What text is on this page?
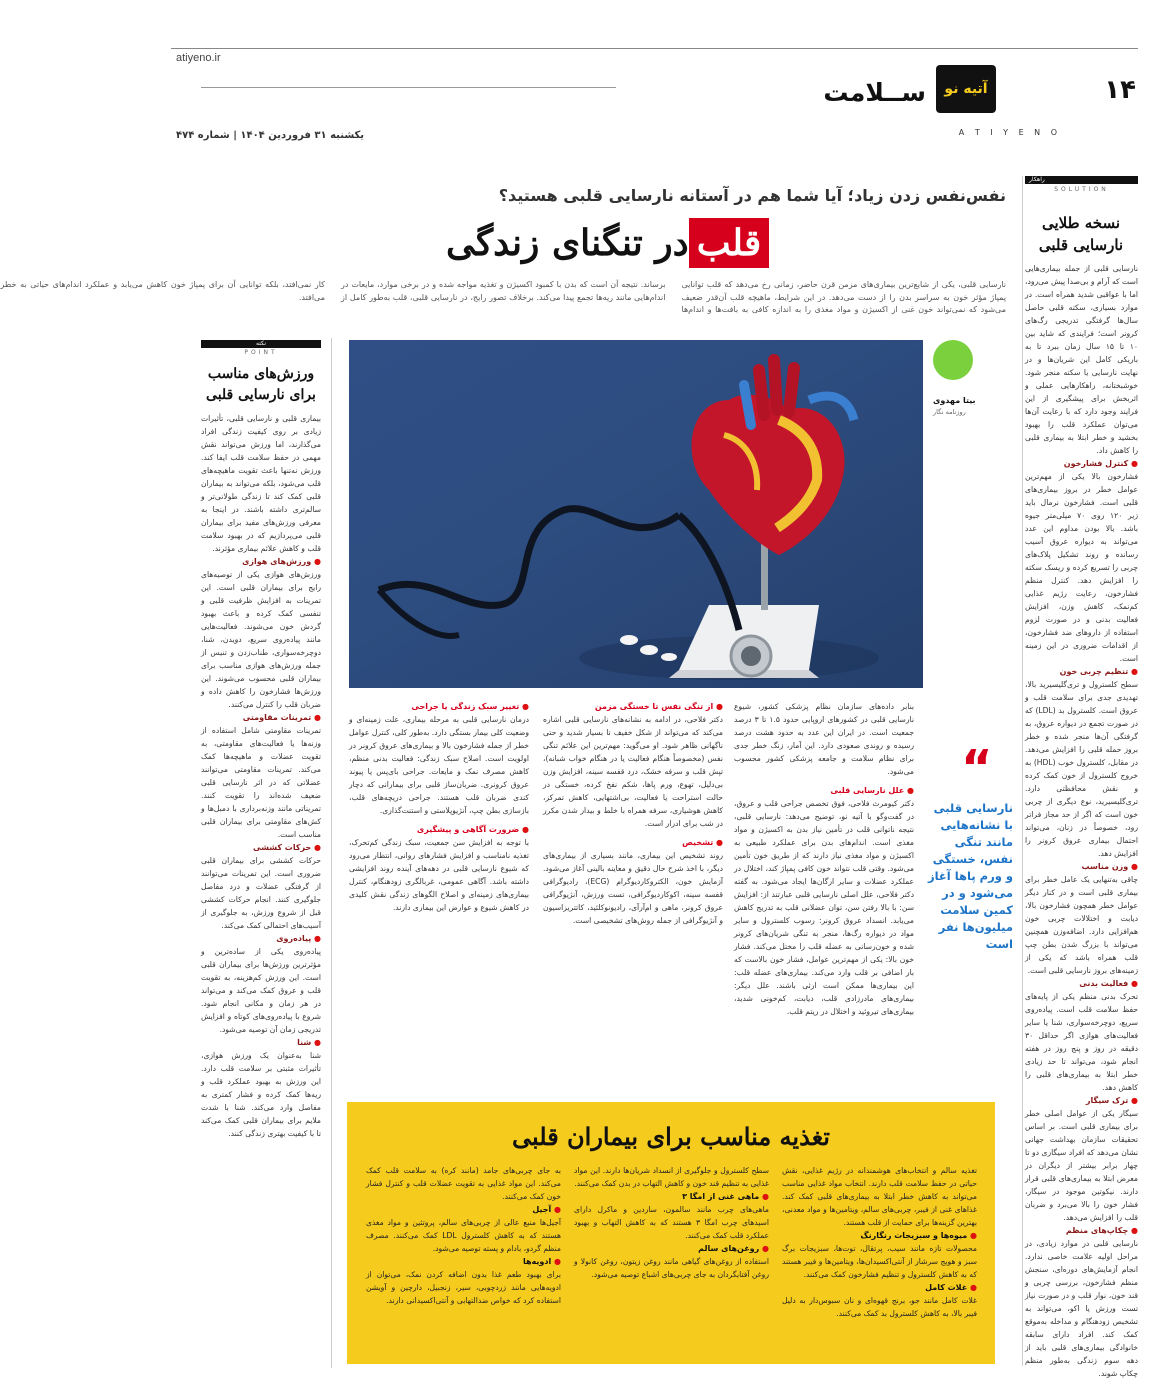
atiyeno.ir
۱۴
آتیه نو
ســلامت
A T I Y E N O
یکشنبه ۳۱ فروردین ۱۴۰۴ | شماره ۴۷۴
راهکار
SOLUTION
نسخه طلایی نارسایی قلبی
نارسایی قلبی از جمله بیماری‌هایی است که آرام و بی‌صدا پیش می‌رود، اما با عواقبی شدید همراه است. در موارد بسیاری، سکته قلبی حاصل سال‌ها گرفتگی تدریجی رگ‌های کرونر است؛ فرایندی که شاید بین ۱۰ تا ۱۵ سال زمان ببرد تا به باریکی کامل این شریان‌ها و در نهایت نارسایی یا سکته منجر شود. خوشبختانه، راهکارهایی عملی و اثربخش برای پیشگیری از این فرایند وجود دارد که با رعایت آن‌ها می‌توان عملکرد قلب را بهبود بخشید و خطر ابتلا به بیماری قلبی را کاهش داد.
● کنترل فشارخون
فشارخون بالا یکی از مهم‌ترین عوامل خطر در بروز بیماری‌های قلبی است. فشارخون نرمال باید زیر ۱۲۰ روی ۷۰ میلی‌متر جیوه باشد. بالا بودن مداوم این عدد می‌تواند به دیواره عروق آسیب رسانده و روند تشکیل پلاک‌های چربی را تسریع کرده و ریسک سکته را افزایش دهد. کنترل منظم فشارخون، رعایت رژیم غذایی کم‌نمک، کاهش وزن، افزایش فعالیت بدنی و در صورت لزوم استفاده از داروهای ضد فشارخون، از اقدامات ضروری در این زمینه است.
● تنظیم چربی خون
سطح کلسترول و تری‌گلیسیرید بالا، تهدیدی جدی برای سلامت قلب و عروق است. کلسترول بد (LDL) که در صورت تجمع در دیواره عروق، به گرفتگی آن‌ها منجر شده و خطر بروز حمله قلبی را افزایش می‌دهد. در مقابل، کلسترول خوب (HDL) به خروج کلسترول از خون کمک کرده و نقش محافظتی دارد. تری‌گلیسیرید، نوع دیگری از چربی خون است که اگر از حد مجاز فراتر رود، خصوصاً در زنان، می‌تواند احتمال بیماری عروق کرونر را افزایش دهد.
● وزن مناسب
چاقی به‌تنهایی یک عامل خطر برای بیماری قلبی است و در کنار دیگر عوامل خطر همچون فشارخون بالا، دیابت و اختلالات چربی خون هم‌افزایی دارد. اضافه‌وزن همچنین می‌تواند با بزرگ شدن بطن چپ قلب همراه باشد که یکی از زمینه‌های بروز نارسایی قلبی است.
● فعالیت بدنی
تحرک بدنی منظم یکی از پایه‌های حفظ سلامت قلب است. پیاده‌روی سریع، دوچرخه‌سواری، شنا یا سایر فعالیت‌های هوازی اگر حداقل ۳۰ دقیقه در روز و پنج روز در هفته انجام شود، می‌تواند تا حد زیادی خطر ابتلا به بیماری‌های قلبی را کاهش دهد.
● ترک سیگار
سیگار یکی از عوامل اصلی خطر برای بیماری قلبی است. بر اساس تحقیقات سازمان بهداشت جهانی نشان می‌دهد که افراد سیگاری دو تا چهار برابر بیشتر از دیگران در معرض ابتلا به بیماری‌های قلبی قرار دارند. نیکوتین موجود در سیگار، فشار خون را بالا می‌برد و ضربان قلب را افزایش می‌دهد.
● چکاپ‌های منظم
نارسایی قلبی در موارد زیادی، در مراحل اولیه علامت خاصی ندارد. انجام آزمایش‌های دوره‌ای، سنجش منظم فشارخون، بررسی چربی و قند خون، نوار قلب و در صورت نیاز تست ورزش یا اکو، می‌تواند به تشخیص زودهنگام و مداخله به‌موقع کمک کند. افراد دارای سابقه خانوادگی بیماری‌های قلبی باید از دهه سوم زندگی به‌طور منظم چکاپ شوند.
نکته
POINT
ورزش‌های مناسب برای نارسایی قلبی
بیماری قلبی و نارسایی قلبی، تأثیرات زیادی بر روی کیفیت زندگی افراد می‌گذارند، اما ورزش می‌تواند نقش مهمی در حفظ سلامت قلب ایفا کند. ورزش نه‌تنها باعث تقویت ماهیچه‌های قلب می‌شود، بلکه می‌تواند به بیماران قلبی کمک کند تا زندگی طولانی‌تر و سالم‌تری داشته باشند. در اینجا به معرفی ورزش‌های مفید برای بیماران قلبی می‌پردازیم که در بهبود سلامت قلب و کاهش علائم بیماری مؤثرند.
● ورزش‌های هوازی
ورزش‌های هوازی یکی از توصیه‌های رایج برای بیماران قلبی است. این تمرینات به افزایش ظرفیت قلبی و تنفسی کمک کرده و باعث بهبود گردش خون می‌شوند. فعالیت‌هایی مانند پیاده‌روی سریع، دویدن، شنا، دوچرخه‌سواری، طناب‌زدن و تنیس از جمله ورزش‌های هوازی مناسب برای بیماران قلبی محسوب می‌شوند. این ورزش‌ها فشارخون را کاهش داده و ضربان قلب را کنترل می‌کنند.
● تمرینات مقاومتی
تمرینات مقاومتی شامل استفاده از وزنه‌ها یا فعالیت‌های مقاومتی، به تقویت عضلات و ماهیچه‌ها کمک می‌کند. تمرینات مقاومتی می‌توانند عضلاتی که در اثر نارسایی قلبی ضعیف شده‌اند را تقویت کنند. تمریناتی مانند وزنه‌برداری با دمبل‌ها و کش‌های مقاومتی برای بیماران قلبی مناسب است.
● حرکات کششی
حرکات کششی برای بیماران قلبی ضروری است. این تمرینات می‌توانند از گرفتگی عضلات و درد مفاصل جلوگیری کنند. انجام حرکات کششی قبل از شروع ورزش، به جلوگیری از آسیب‌های احتمالی کمک می‌کند.
● پیاده‌روی
پیاده‌روی یکی از ساده‌ترین و مؤثرترین ورزش‌ها برای بیماران قلبی است. این ورزش کم‌هزینه، به تقویت قلب و عروق کمک می‌کند و می‌تواند در هر زمان و مکانی انجام شود. شروع با پیاده‌روی‌های کوتاه و افزایش تدریجی زمان آن توصیه می‌شود.
● شنا
شنا به‌عنوان یک ورزش هوازی، تأثیرات مثبتی بر سلامت قلب دارد. این ورزش به بهبود عملکرد قلب و ریه‌ها کمک کرده و فشار کمتری به مفاصل وارد می‌کند. شنا با شدت ملایم برای بیماران قلبی کمک می‌کند تا با کیفیت بهتری زندگی کنند.
نفس‌نفس زدن زیاد؛ آیا شما هم در آستانه نارسایی قلبی هستید؟
قلب
در تنگنای زندگی
نارسایی قلبی، یکی از شایع‌ترین بیماری‌های مزمن قرن حاضر، زمانی رخ می‌دهد که قلب توانایی پمپاژ مؤثر خون به سراسر بدن را از دست می‌دهد. در این شرایط، ماهیچه قلب آن‌قدر ضعیف می‌شود که نمی‌تواند خون غنی از اکسیژن و مواد مغذی را به اندازه کافی به بافت‌ها و اندام‌ها برساند. نتیجه آن است که بدن با کمبود اکسیژن و تغذیه مواجه شده و در برخی موارد، مایعات در اندام‌هایی مانند ریه‌ها تجمع پیدا می‌کند. برخلاف تصور رایج، در نارسایی قلبی، قلب به‌طور کامل از کار نمی‌افتد، بلکه توانایی آن برای پمپاژ خون کاهش می‌یابد و عملکرد اندام‌های حیاتی به خطر می‌افتد.
بیتا مهدوی
روزنامه نگار
“
نارسایی قلبی با نشانه‌هایی مانند تنگی نفس، خستگی و ورم پاها آغاز می‌شود و در کمین سلامت میلیون‌ها نفر است
بنابر داده‌های سازمان نظام پزشکی کشور، شیوع نارسایی قلبی در کشورهای اروپایی حدود ۱.۵ تا ۳ درصد جمعیت است. در ایران این عدد به حدود هشت درصد رسیده و روندی صعودی دارد. این آمار، زنگ خطر جدی برای نظام سلامت و جامعه پزشکی کشور محسوب می‌شود.
● علل نارسایی قلبی
دکتر کیومرث فلاحی، فوق تخصص جراحی قلب و عروق، در گفت‌وگو با آتیه نو، توضیح می‌دهد: نارسایی قلبی، نتیجه ناتوانی قلب در تأمین نیاز بدن به اکسیژن و مواد مغذی است. اندام‌های بدن برای عملکرد طبیعی به اکسیژن و مواد مغذی نیاز دارند که از طریق خون تأمین می‌شود. وقتی قلب نتواند خون کافی پمپاژ کند، اختلال در عملکرد عضلات و سایر ارگان‌ها ایجاد می‌شود. به گفته دکتر فلاحی، علل اصلی نارسایی قلبی عبارتند از: افزایش سن: با بالا رفتن سن، توان عضلانی قلب به تدریج کاهش می‌یابد. انسداد عروق کرونر: رسوب کلسترول و سایر مواد در دیواره رگ‌ها، منجر به تنگی شریان‌های کرونر شده و خون‌رسانی به عضله قلب را مختل می‌کند. فشار خون بالا: یکی از مهم‌ترین عوامل، فشار خون بالاست که بار اضافی بر قلب وارد می‌کند. بیماری‌های عضله قلب: این بیماری‌ها ممکن است ارثی باشند. علل دیگر: بیماری‌های مادرزادی قلب، دیابت، کم‌خونی شدید، بیماری‌های تیروئید و اختلال در ریتم قلب.
● از تنگی نفس تا خستگی مزمن
دکتر فلاحی، در ادامه به نشانه‌های نارسایی قلبی اشاره می‌کند که می‌تواند از شکل خفیف تا بسیار شدید و حتی ناگهانی ظاهر شود. او می‌گوید: مهم‌ترین این علائم تنگی نفس (مخصوصاً هنگام فعالیت یا در هنگام خواب شبانه)، تپش قلب و سرفه خشک، درد قفسه سینه، افزایش وزن بی‌دلیل، تهوع، ورم پاها، شکم نفخ کرده، خستگی در حالت استراحت یا فعالیت، بی‌اشتهایی، کاهش تمرکز، کاهش هوشیاری، سرفه همراه با خلط و بیدار شدن مکرر در شب برای ادرار است.
● تشخیص
روند تشخیص این بیماری، مانند بسیاری از بیماری‌های دیگر، با اخذ شرح حال دقیق و معاینه بالینی آغاز می‌شود. آزمایش خون، الکتروکاردیوگرام (ECG)، رادیوگرافی قفسه سینه، اکوکاردیوگرافی، تست ورزش، آنژیوگرافی عروق کرونر، ماهی و ام‌آر‌آی، رادیونوکلئید، کاتتریزاسیون و آنژیوگرافی از جمله روش‌های تشخیصی است.
● تغییر سبک زندگی یا جراحی
درمان نارسایی قلبی به مرحله بیماری، علت زمینه‌ای و وضعیت کلی بیمار بستگی دارد. به‌طور کلی، کنترل عوامل خطر از جمله فشارخون بالا و بیماری‌های عروق کرونر در اولویت است. اصلاح سبک زندگی: فعالیت بدنی منظم، کاهش مصرف نمک و مایعات. جراحی بای‌پس یا پیوند عروق کرونری. ضربان‌ساز قلبی برای بیمارانی که دچار کندی ضربان قلب هستند. جراحی دریچه‌های قلب، بازسازی بطن چپ، آنژیوپلاستی و استنت‌گذاری.
● ضرورت آگاهی و پیشگیری
با توجه به افزایش سن جمعیت، سبک زندگی کم‌تحرک، تغذیه نامناسب و افزایش فشارهای روانی، انتظار می‌رود که شیوع نارسایی قلبی در دهه‌های آینده روند افزایشی داشته باشد. آگاهی عمومی، غربالگری زودهنگام، کنترل بیماری‌های زمینه‌ای و اصلاح الگوهای زندگی نقش کلیدی در کاهش شیوع و عوارض این بیماری دارند.
تغذیه مناسب برای بیماران قلبی
تغذیه سالم و انتخاب‌های هوشمندانه در رژیم غذایی، نقش حیاتی در حفظ سلامت قلب دارند. انتخاب مواد غذایی مناسب می‌تواند به کاهش خطر ابتلا به بیماری‌های قلبی کمک کند. غذاهای غنی از فیبر، چربی‌های سالم، ویتامین‌ها و مواد معدنی، بهترین گزینه‌ها برای حمایت از قلب هستند.
● میوه‌ها و سبزیجات رنگارنگ
محصولات تازه مانند سیب، پرتقال، توت‌ها، سبزیجات برگ سبز و هویج سرشار از آنتی‌اکسیدان‌ها، ویتامین‌ها و فیبر هستند که به کاهش کلسترول و تنظیم فشارخون کمک می‌کنند.
● غلات کامل
غلات کامل مانند جو، برنج قهوه‌ای و نان سبوس‌دار به دلیل فیبر بالا، به کاهش کلسترول بد کمک می‌کنند.
سطح کلسترول و جلوگیری از انسداد شریان‌ها دارند. این مواد غذایی به تنظیم قند خون و کاهش التهاب در بدن کمک می‌کنند.
● ماهی غنی از امگا ۳
ماهی‌های چرب مانند سالمون، ساردین و ماکرل دارای اسیدهای چرب امگا ۳ هستند که به کاهش التهاب و بهبود عملکرد قلب کمک می‌کنند.
● روغن‌های سالم
استفاده از روغن‌های گیاهی مانند روغن زیتون، روغن کانولا و روغن آفتابگردان به جای چربی‌های اشباع توصیه می‌شود.
به جای چربی‌های جامد (مانند کره) به سلامت قلب کمک می‌کند. این مواد غذایی به تقویت عضلات قلب و کنترل فشار خون کمک می‌کنند.
● آجیل
آجیل‌ها منبع عالی از چربی‌های سالم، پروتئین و مواد مغذی هستند که به کاهش کلسترول LDL کمک می‌کنند. مصرف منظم گردو، بادام و پسته توصیه می‌شود.
● ادویه‌ها
برای بهبود طعم غذا بدون اضافه کردن نمک، می‌توان از ادویه‌هایی مانند زردچوبی، سیر، زنجبیل، دارچین و آویشن استفاده کرد که خواص ضدالتهابی و آنتی‌اکسیدانی دارند.
